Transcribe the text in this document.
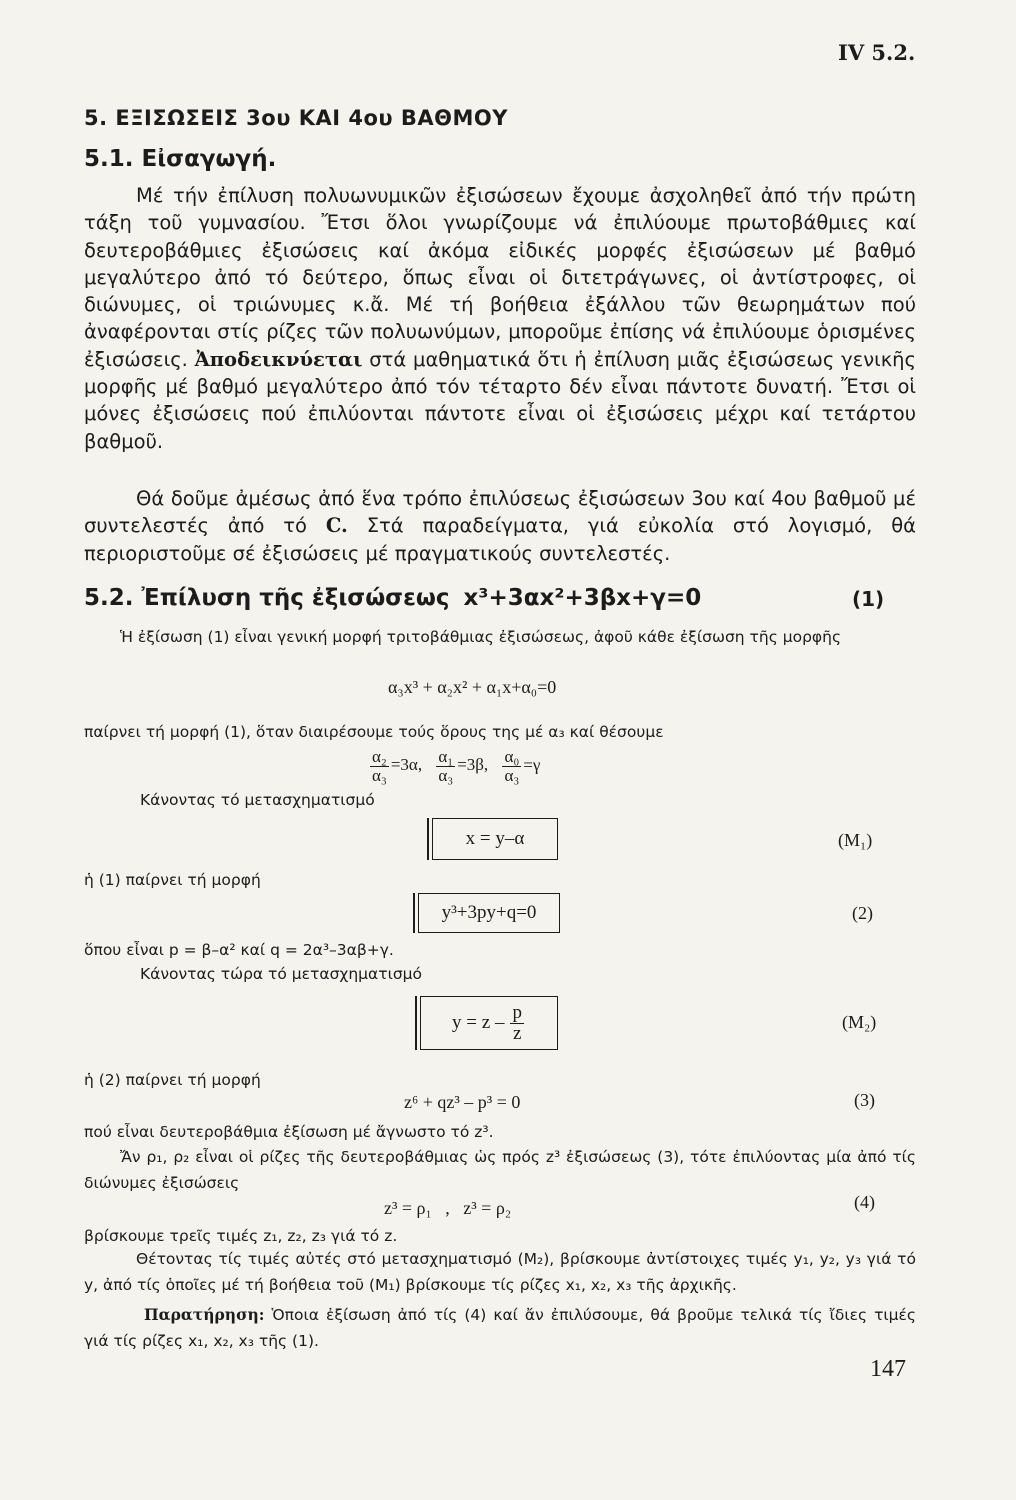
IV 5.2.
5. ΕΞΙΣΩΣΕΙΣ 3ου ΚΑΙ 4ου ΒΑΘΜΟΥ
5.1. Εἰσαγωγή.
Μέ τήν ἐπίλυση πολυωνυμικῶν ἐξισώσεων ἔχουμε ἀσχοληθεῖ ἀπό τήν πρώτη τάξη τοῦ γυμνασίου. Ἔτσι ὅλοι γνωρίζουμε νά ἐπιλύουμε πρωτοβάθμιες καί δευτεροβάθμιες ἐξισώσεις καί ἀκόμα εἰδικές μορφές ἐξισώσεων μέ βαθμό μεγαλύτερο ἀπό τό δεύτερο, ὅπως εἶναι οἱ διτετράγωνες, οἱ ἀντίστροφες, οἱ διώνυμες, οἱ τριώνυμες κ.ἄ. Μέ τή βοήθεια ἐξάλλου τῶν θεωρημάτων πού ἀναφέρονται στίς ρίζες τῶν πολυωνύμων, μποροῦμε ἐπίσης νά ἐπιλύουμε ὁρισμένες ἐξισώσεις. Ἀποδεικνύεται στά μαθηματικά ὅτι ἡ ἐπίλυση μιᾶς ἐξισώσεως γενικῆς μορφῆς μέ βαθμό μεγαλύτερο ἀπό τόν τέταρτο δέν εἶναι πάντοτε δυνατή. Ἔτσι οἱ μόνες ἐξισώσεις πού ἐπιλύονται πάντοτε εἶναι οἱ ἐξισώσεις μέχρι καί τετάρτου βαθμοῦ.
Θά δοῦμε ἀμέσως ἀπό ἕνα τρόπο ἐπιλύσεως ἐξισώσεων 3ου καί 4ου βαθμοῦ μέ συντελεστές ἀπό τό C. Στά παραδείγματα, γιά εὐκολία στό λογισμό, θά περιοριστοῦμε σέ ἐξισώσεις μέ πραγματικούς συντελεστές.
5.2. Ἐπίλυση τῆς ἐξισώσεως x³+3αx²+3βx+γ=0	(1)
Ἡ ἐξίσωση (1) εἶναι γενική μορφή τριτοβάθμιας ἐξισώσεως, ἀφοῦ κάθε ἐξίσωση τῆς μορφῆς
α₃x³ + α₂x² + α₁x+α₀=0
παίρνει τή μορφή (1), ὅταν διαιρέσουμε τούς ὅρους της μέ α₃ καί θέσουμε
$\frac{\text{α₂}}{\text{α₃}} =3\alpha$, $\frac{\text{α₁}}{\text{α₃}} =3\beta$, $\frac{\text{α₀}}{\text{α₃}} =\gamma$
Κάνοντας τό μετασχηματισμό
x = y–α	(M₁)
ἡ (1) παίρνει τή μορφή
y³+3py+q=0	(2)
ὅπου εἶναι p = β–α² καί q = 2α³–3αβ+γ.
Κάνοντας τώρα τό μετασχηματισμό
$y = z - \frac{p}{z}$	(M₂)
ἡ (2) παίρνει τή μορφή
z⁶ + qz³ – p³ = 0	(3)
πού εἶναι δευτεροβάθμια ἐξίσωση μέ ἄγνωστο τό z³.
Ἄν ρ₁, ρ₂ εἶναι οἱ ρίζες τῆς δευτεροβάθμιας ὡς πρός z³ ἐξισώσεως (3), τότε ἐπιλύοντας μία ἀπό τίς διώνυμες ἐξισώσεις
z³ = ρ₁   ,   z³ = ρ₂	(4)
βρίσκουμε τρεῖς τιμές z₁, z₂, z₃ γιά τό z.
Θέτοντας τίς τιμές αὐτές στό μετασχηματισμό (M₂), βρίσκουμε ἀντίστοιχες τιμές y₁, y₂, y₃ γιά τό y, ἀπό τίς ὁποῖες μέ τή βοήθεια τοῦ (M₁) βρίσκουμε τίς ρίζες x₁, x₂, x₃ τῆς ἀρχικῆς.
Παρατήρηση: Ὁποια ἐξίσωση ἀπό τίς (4) καί ἄν ἐπιλύσουμε, θά βροῦμε τελικά τίς ἴδιες τιμές γιά τίς ρίζες x₁, x₂, x₃ τῆς (1).
147
